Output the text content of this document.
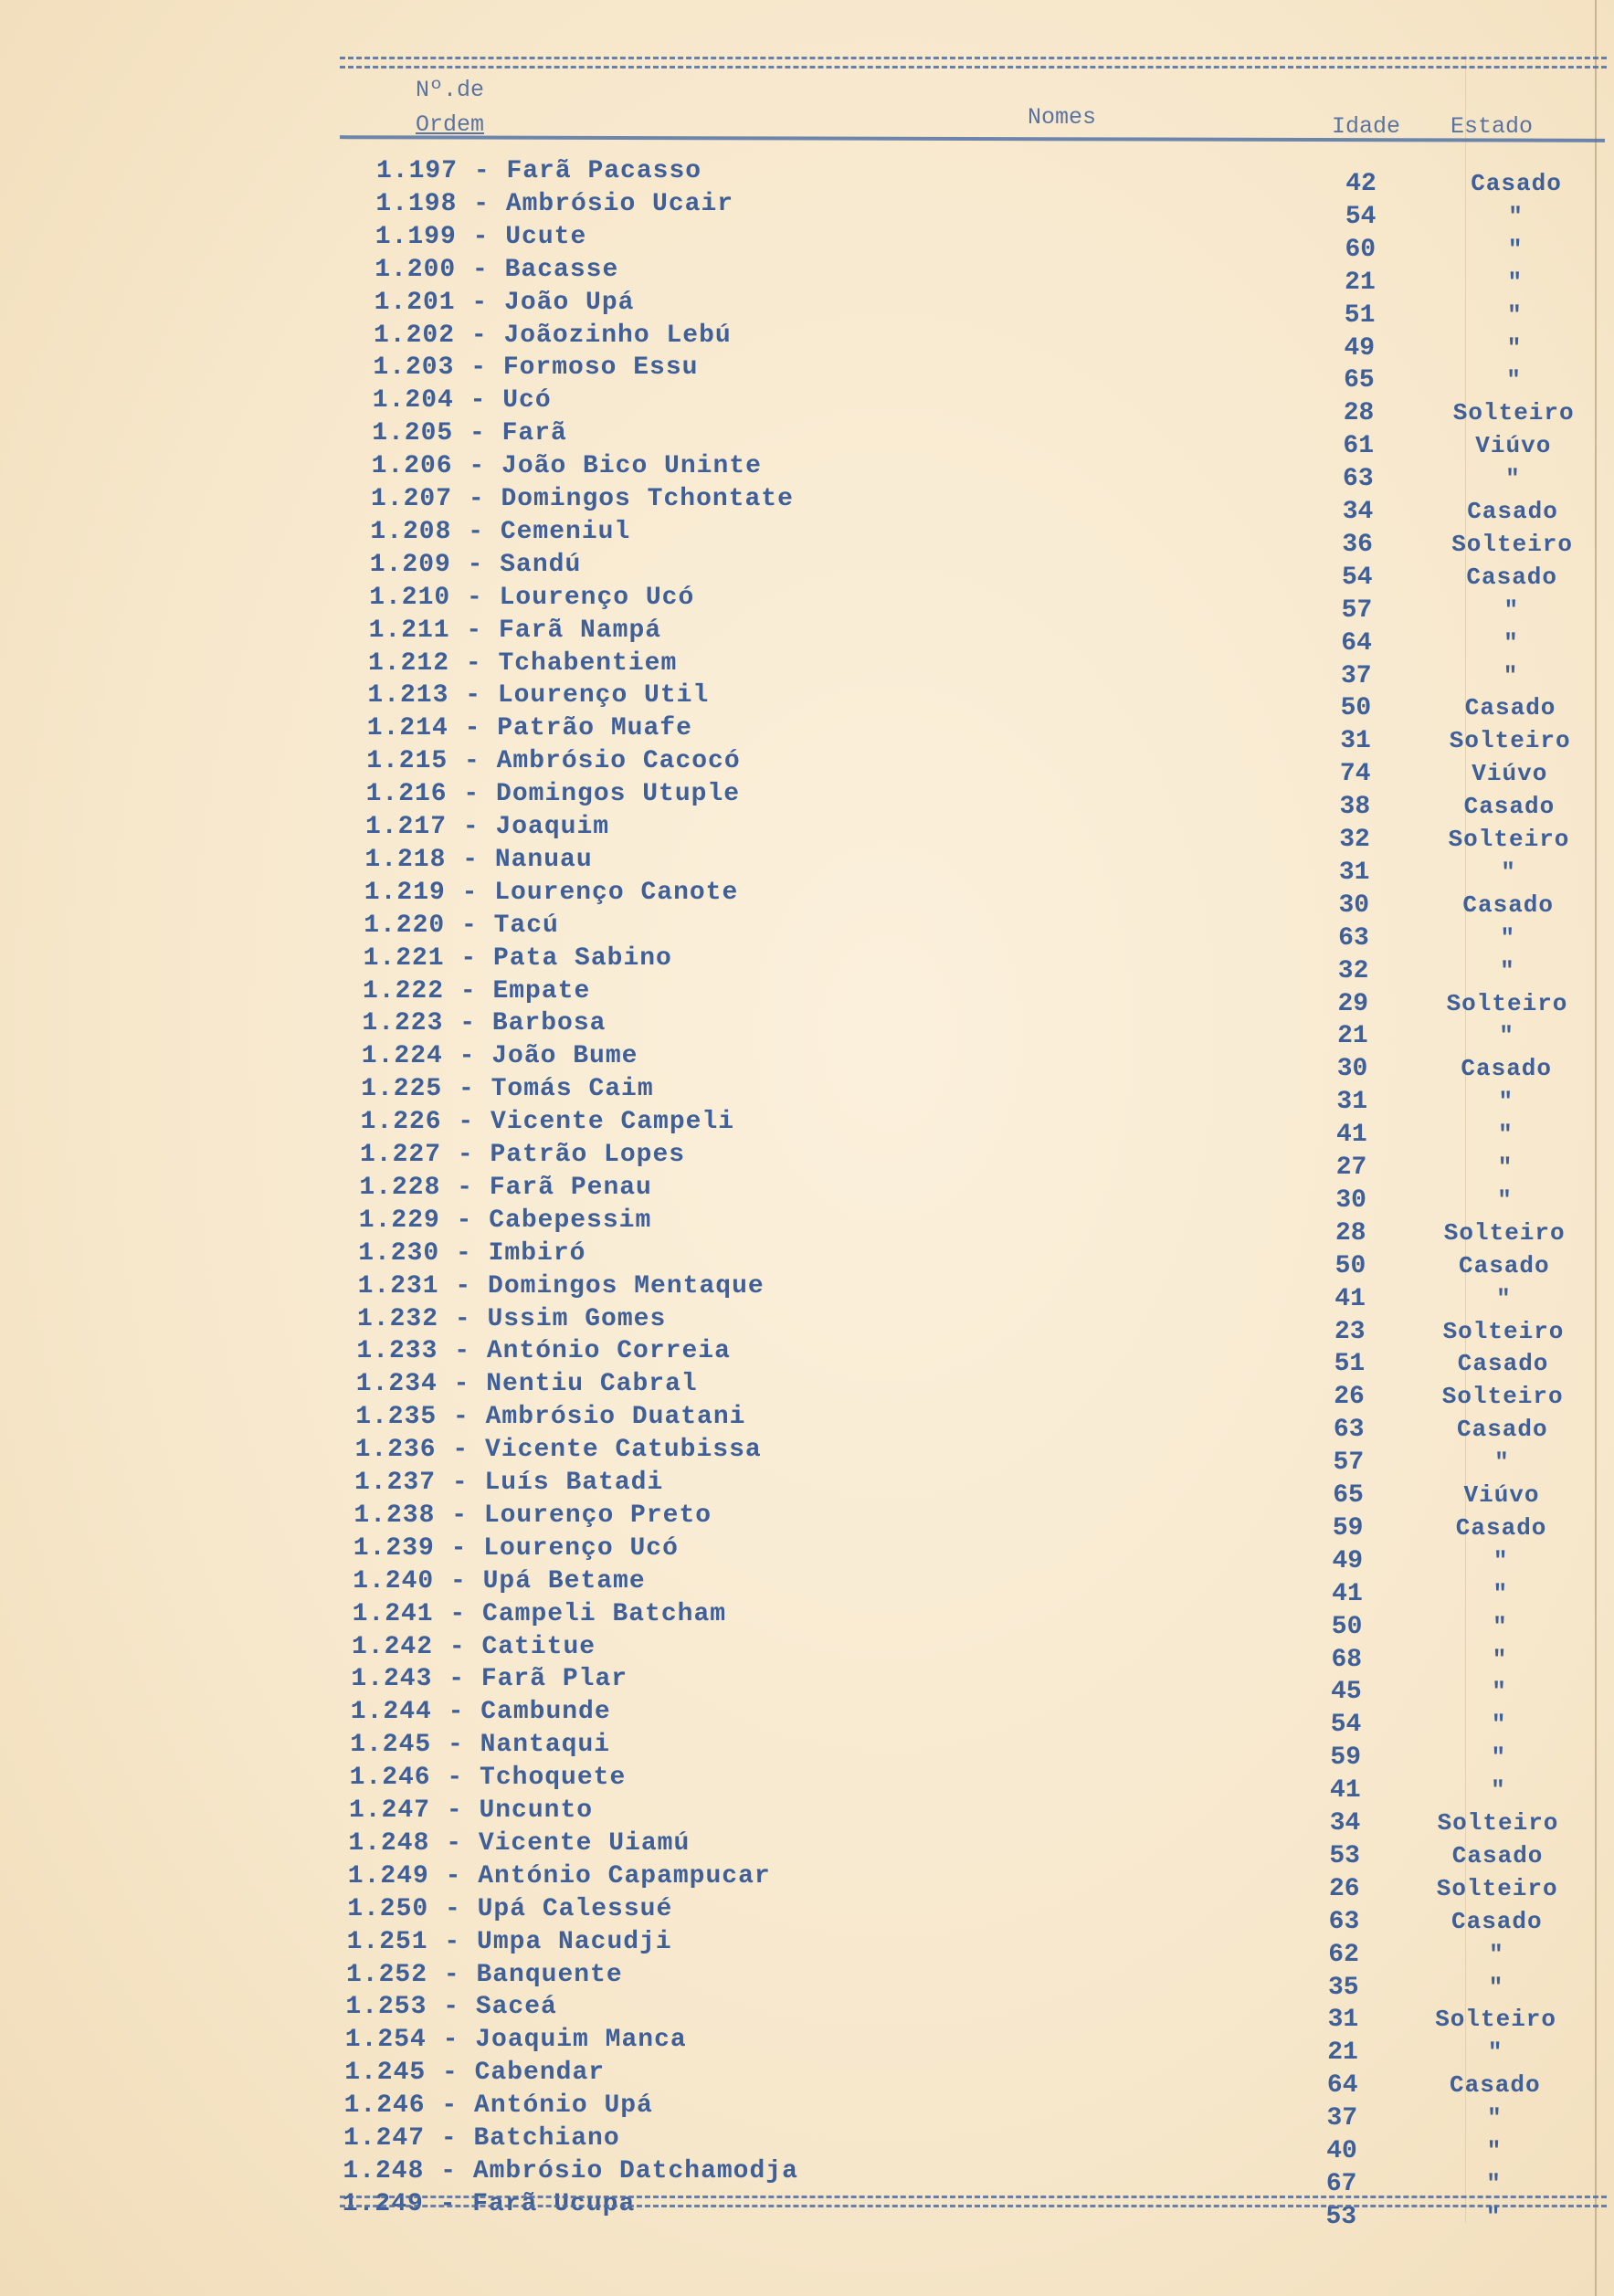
Nº.de
Ordem	Nomes	Idade Estado
1.197 - Farã Pacasso	42	Casado
1.198 - Ambrósio Ucair	54	"
1.199 - Ucute	60	"
1.200 - Bacasse	21	"
1.201 - João Upá	51	"
1.202 - Joãozinho Lebú	49	"
1.203 - Formoso Essu	65	"
1.204 - Ucó	28	Solteiro
1.205 - Farã	61	Viúvo
1.206 - João Bico Uninte	63	"
1.207 - Domingos Tchontate	34	Casado
1.208 - Cemeniul	36	Solteiro
1.209 - Sandú	54	Casado
1.210 - Lourenço Ucó	57	"
1.211 - Farã Nampá	64	"
1.212 - Tchabentiem	37	"
1.213 - Lourenço Util	50	Casado
1.214 - Patrão Muafe	31	Solteiro
1.215 - Ambrósio Cacocó	74	Viúvo
1.216 - Domingos Utuple	38	Casado
1.217 - Joaquim	32	Solteiro
1.218 - Nanuau	31	"
1.219 - Lourenço Canote	30	Casado
1.220 - Tacú	63	"
1.221 - Pata Sabino	32	"
1.222 - Empate	29	Solteiro
1.223 - Barbosa	21	"
1.224 - João Bume	30	Casado
1.225 - Tomás Caim	31	"
1.226 - Vicente Campeli	41	"
1.227 - Patrão Lopes	27	"
1.228 - Farã Penau	30	"
1.229 - Cabepessim	28	Solteiro
1.230 - Imbiró	50	Casado
1.231 - Domingos Mentaque	41	"
1.232 - Ussim Gomes	23	Solteiro
1.233 - António Correia	51	Casado
1.234 - Nentiu Cabral	26	Solteiro
1.235 - Ambrósio Duatani	63	Casado
1.236 - Vicente Catubissa	57	"
1.237 - Luís Batadi	65	Viúvo
1.238 - Lourenço Preto	59	Casado
1.239 - Lourenço Ucó	49	"
1.240 - Upá Betame	41	"
1.241 - Campeli Batcham	50	"
1.242 - Catitue	68	"
1.243 - Farã Plar	45	"
1.244 - Cambunde	54	"
1.245 - Nantaqui	59	"
1.246 - Tchoquete	41	"
1.247 - Uncunto	34	Solteiro
1.248 - Vicente Uiamú	53	Casado
1.249 - António Capampucar	26	Solteiro
1.250 - Upá Calessué	63	Casado
1.251 - Umpa Nacudji	62	"
1.252 - Banquente	35	"
1.253 - Saceá	31	Solteiro
1.254 - Joaquim Manca	21	"
1.245 - Cabendar	64	Casado
1.246 - António Upá	37	"
1.247 - Batchiano	40	"
1.248 - Ambrósio Datchamodja	67	"
1.249 - Farã Ucupa	53	"
